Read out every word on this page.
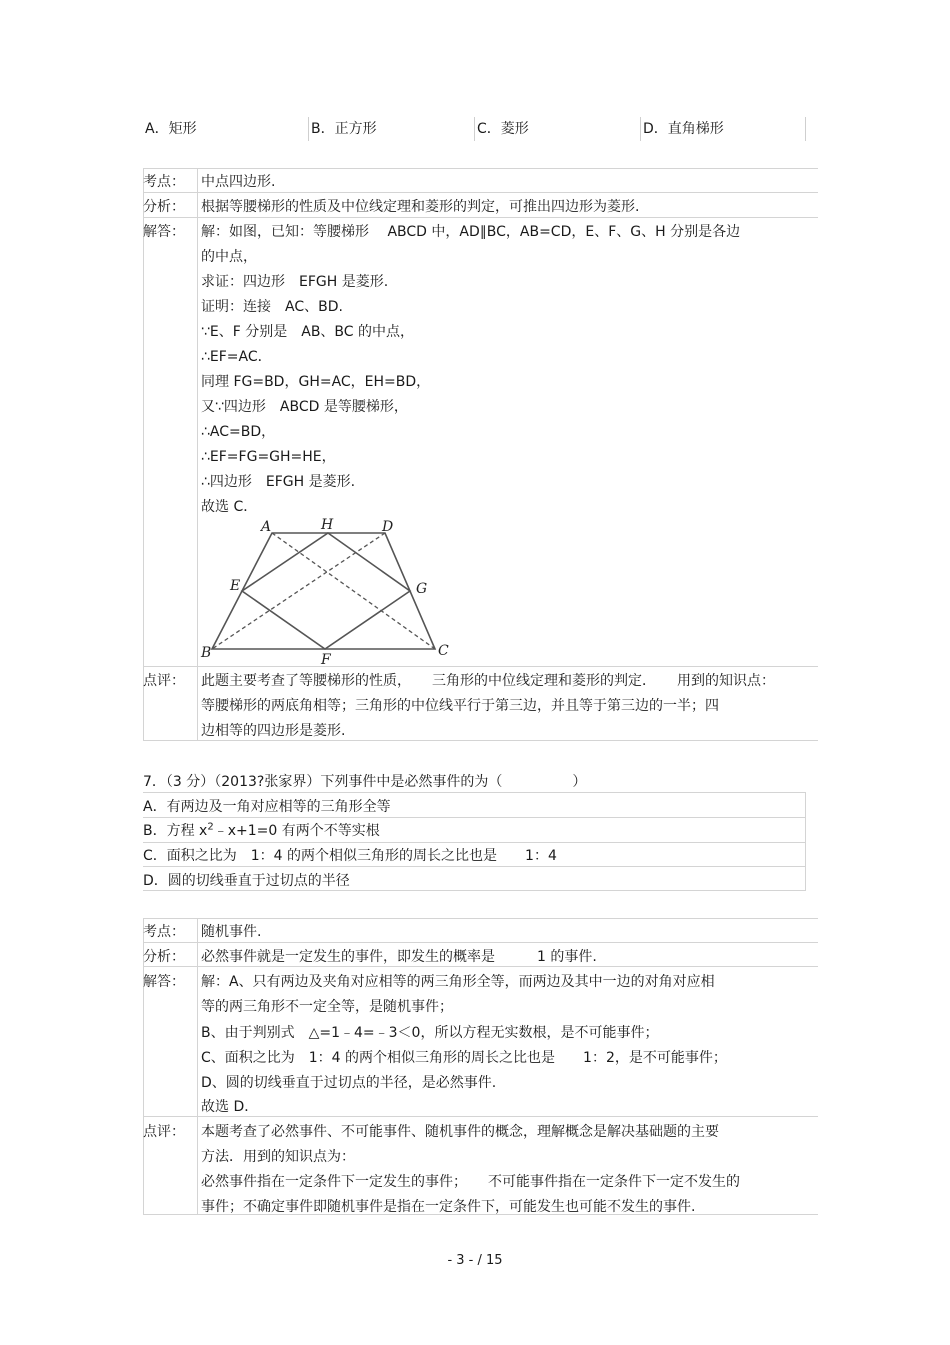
A．矩形	B．正方形	C．菱形	D．直角梯形
考点： 中点四边形.
分析： 根据等腰梯形的性质及中位线定理和菱形的判定，可推出四边形为菱形.
解答： 解：如图，已知：等腰梯形　 ABCD 中，AD∥BC，AB=CD，E、F、G、H 分别是各边
的中点，
求证：四边形　EFGH 是菱形.
证明：连接　AC、BD.
∵E、F 分别是　AB、BC 的中点，
∴EF=AC．
同理 FG=BD，GH=AC，EH=BD，
又∵四边形　ABCD 是等腰梯形，
∴AC=BD，
∴EF=FG=GH=HE，
∴四边形　EFGH 是菱形.
故选 C．
A	H	D
E	G
B	F
C
点评： 此题主要考查了等腰梯形的性质，　　三角形的中位线定理和菱形的判定．　　用到的知识点：
等腰梯形的两底角相等；三角形的中位线平行于第三边，并且等于第三边的一半；四
边相等的四边形是菱形.
7．（3 分）（2013?张家界）下列事件中是必然事件的为（　　　　　）
A．有两边及一角对应相等的三角形全等
B．方程 $x^2﹣x+1=0$ 有两个不等实根
C．面积之比为　1：4 的两个相似三角形的周长之比也是　　1：4
D．圆的切线垂直于过切点的半径
考点： 随机事件.
分析： 必然事件就是一定发生的事件，即发生的概率是　　　1 的事件.
解答： 解：A、只有两边及夹角对应相等的两三角形全等，而两边及其中一边的对角对应相
等的两三角形不一定全等，是随机事件；
B、由于判别式　△=1﹣4=﹣3＜0，所以方程无实数根，是不可能事件；
C、面积之比为　1：4 的两个相似三角形的周长之比也是　　1：2，是不可能事件；
D、圆的切线垂直于过切点的半径，是必然事件.
故选 D．
点评： 本题考查了必然事件、不可能事件、随机事件的概念，理解概念是解决基础题的主要
方法．用到的知识点为：
必然事件指在一定条件下一定发生的事件；　　不可能事件指在一定条件下一定不发生的
事件；不确定事件即随机事件是指在一定条件下，可能发生也可能不发生的事件.
- 3 - / 15
